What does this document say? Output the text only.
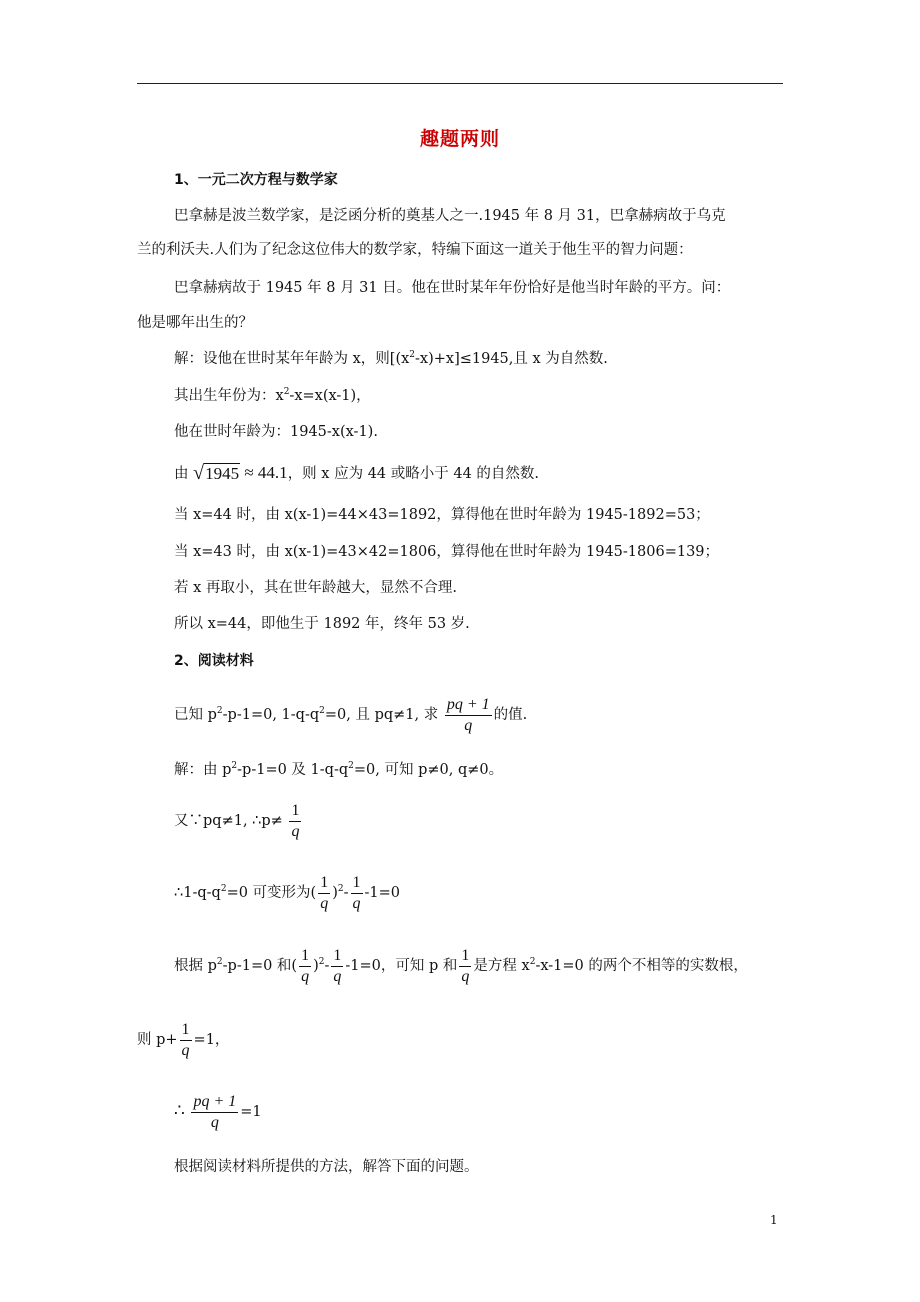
趣题两则
1、一元二次方程与数学家
巴拿赫是波兰数学家，是泛函分析的奠基人之一.1945 年 8 月 31，巴拿赫病故于乌克
兰的利沃夫.人们为了纪念这位伟大的数学家，特编下面这一道关于他生平的智力问题：
巴拿赫病故于 1945 年 8 月 31 日。他在世时某年年份恰好是他当时年龄的平方。问：
他是哪年出生的？
解：设他在世时某年年龄为 x，则$[(x^2-x)+x]\le 1945$,且 x 为自然数.
其出生年份为：$x^2-x=x(x-1)$，
他在世时年龄为：1945-x(x-1).
由 √1945 ≈ 44.1，则 x 应为 44 或略小于 44 的自然数.
当 x=44 时，由 x(x-1)=44×43=1892，算得他在世时年龄为 1945-1892=53；
当 x=43 时，由 x(x-1)=43×42=1806，算得他在世时年龄为 1945-1806=139；
若 x 再取小，其在世年龄越大，显然不合理.
所以 x=44，即他生于 1892 年，终年 53 岁.
2、阅读材料
已知 $p^2-p-1=0$, $1-q-q^2=0$, 且 pq≠1, 求 $\frac{pq + 1}{q}$ 的值.
解：由 $p^2-p-1=0$ 及 $1-q-q^2=0$, 可知 p≠0, q≠0。
又∵pq≠1, ∴p≠ $\frac{1}{q}$
$\therefore 1-q-q^2=0$ 可变形为( $\frac{1}{q} )^2- \frac{1}{q} -1=0$
根据 $p^2-p-1=0$ 和( $\frac{1}{q} )^2- \frac{1}{q} -1=0$，可知 p 和 $\frac{1}{q}$ 是方程 $x^2-x-1=0$ 的两个不相等的实数根，
则 $p+ \frac{1}{q} =1$，
∴ $\frac{pq + 1}{q} =1$
根据阅读材料所提供的方法，解答下面的问题。
1
